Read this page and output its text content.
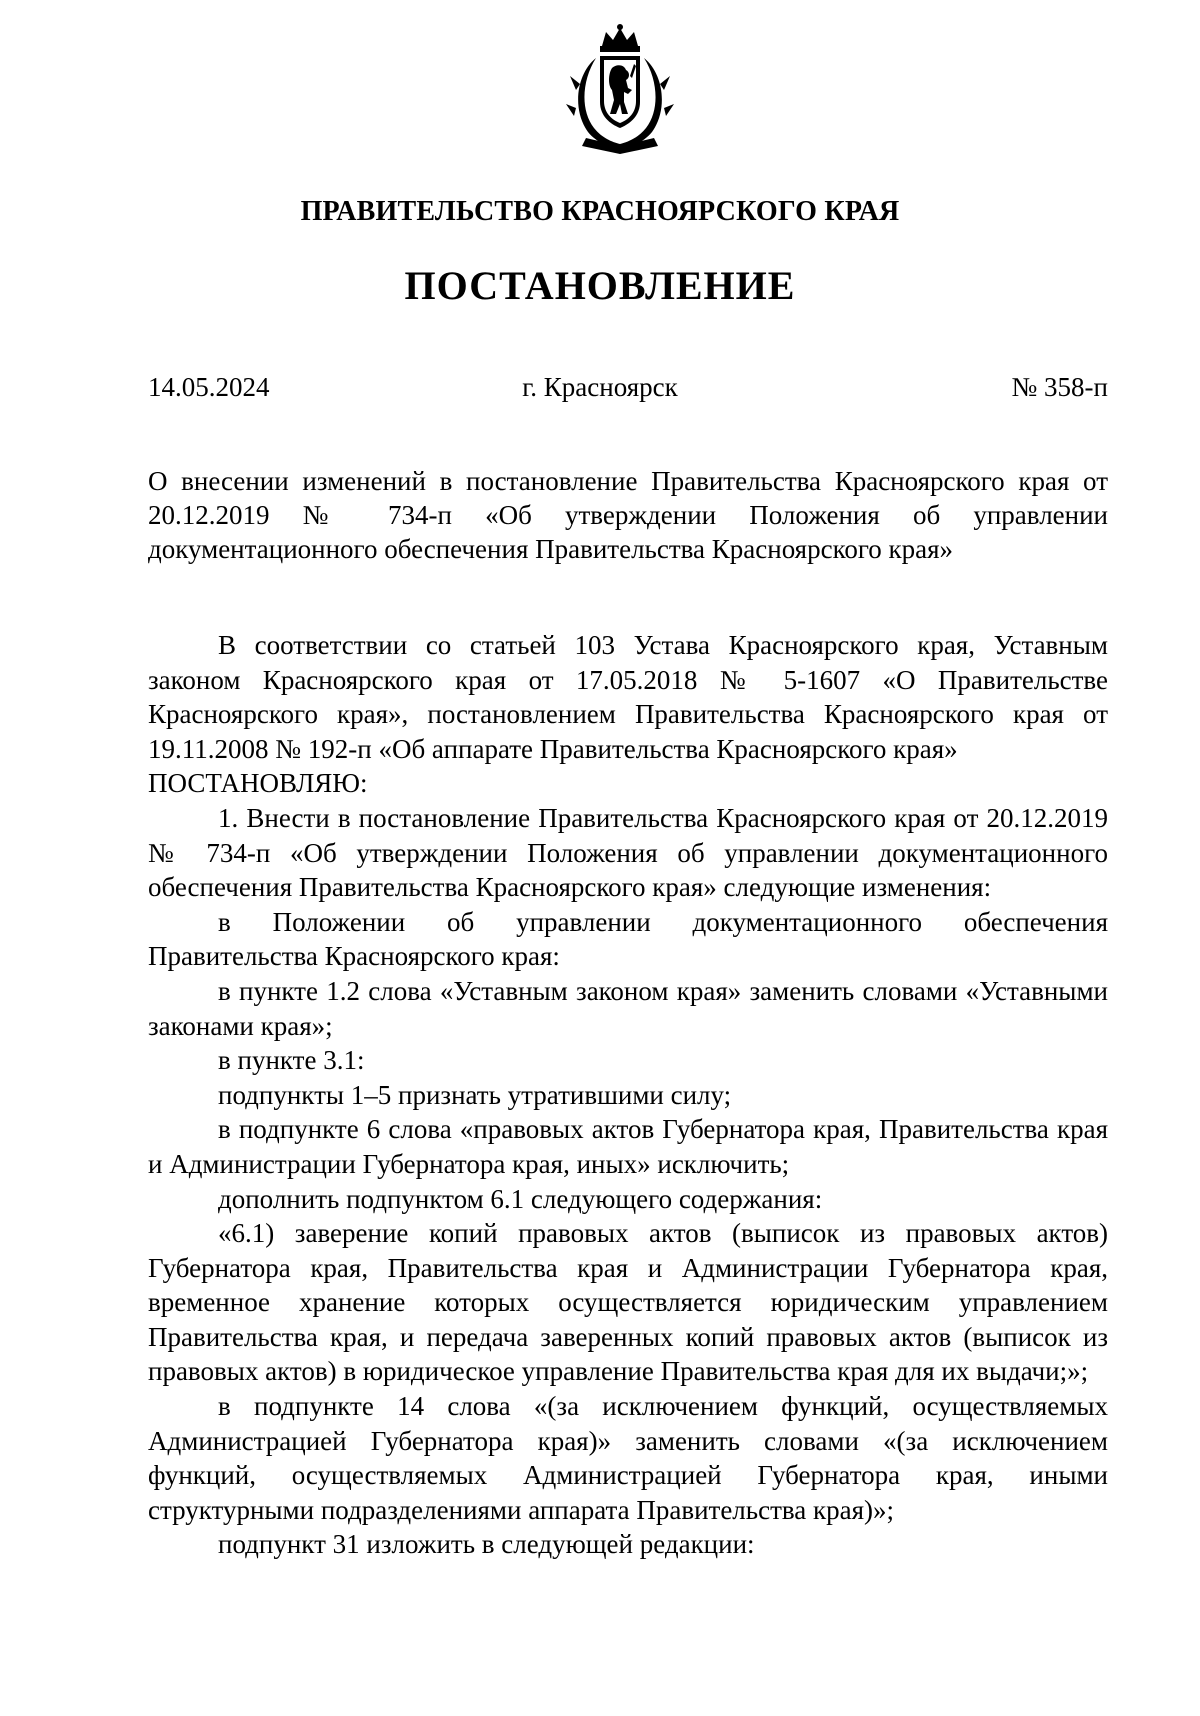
ПРАВИТЕЛЬСТВО КРАСНОЯРСКОГО КРАЯ
ПОСТАНОВЛЕНИЕ
14.05.2024	г. Красноярск	№ 358-п
О внесении изменений в постановление Правительства Красноярского края от 20.12.2019 № 734-п «Об утверждении Положения об управлении документационного обеспечения Правительства Красноярского края»

В соответствии со статьей 103 Устава Красноярского края, Уставным законом Красноярского края от 17.05.2018 № 5-1607 «О Правительстве Красноярского края», постановлением Правительства Красноярского края от 19.11.2008 № 192-п «Об аппарате Правительства Красноярского края»

ПОСТАНОВЛЯЮ:

1. Внести в постановление Правительства Красноярского края от 20.12.2019 № 734-п «Об утверждении Положения об управлении документационного обеспечения Правительства Красноярского края» следующие изменения:

в Положении об управлении документационного обеспечения Правительства Красноярского края:

в пункте 1.2 слова «Уставным законом края» заменить словами «Уставными законами края»;

в пункте 3.1:

подпункты 1–5 признать утратившими силу;

в подпункте 6 слова «правовых актов Губернатора края, Правительства края и Администрации Губернатора края, иных» исключить;

дополнить подпунктом 6.1 следующего содержания:

«6.1) заверение копий правовых актов (выписок из правовых актов) Губернатора края, Правительства края и Администрации Губернатора края, временное хранение которых осуществляется юридическим управлением Правительства края, и передача заверенных копий правовых актов (выписок из правовых актов) в юридическое управление Правительства края для их выдачи;»;

в подпункте 14 слова «(за исключением функций, осуществляемых Администрацией Губернатора края)» заменить словами «(за исключением функций, осуществляемых Администрацией Губернатора края, иными структурными подразделениями аппарата Правительства края)»;

подпункт 31 изложить в следующей редакции:
